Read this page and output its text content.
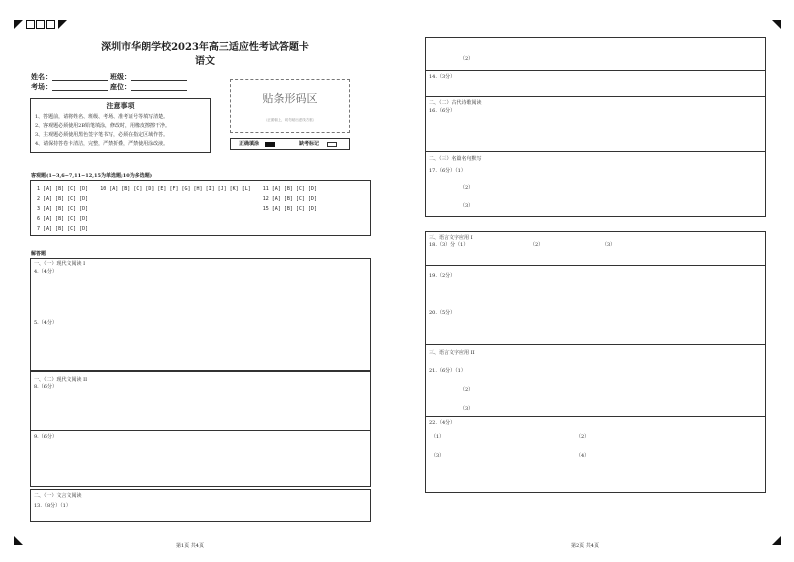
深圳市华朗学校2023年高三适应性考试答题卡
语文
姓名：	班级：
考场：	座位：
注意事项
1、答题前，请将姓名、班级、考场、准考证号等填写清楚。
2、客观题必须使用2B铅笔填涂，修改时，用橡皮擦擦干净。
3、主观题必须使用黑色签字笔书写，必须在指定区域作答。
4、请保持答卷卡清洁，完整，严禁折叠，严禁使用涂改液。
贴条形码区
（正面朝上，切勿贴出虚线方框）
正确填涂	缺考标记
客观题(1~3,6~7,11~12,15为单选题;10为多选题)
1 [A] [B] [C] [D]    10 [A] [B] [C] [D] [E] [F] [G] [H] [I] [J] [K] [L]    11 [A] [B] [C] [D]
2 [A] [B] [C] [D]                                                          12 [A] [B] [C] [D]
3 [A] [B] [C] [D]                                                          15 [A] [B] [C] [D]
6 [A] [B] [C] [D]
7 [A] [B] [C] [D]
解答题
一、（一）现代文阅读 I
4.（4分）
5.（4分）
一、（二）现代文阅读 II
8.（6分）
9.（6分）
二、（一）文言文阅读
13.（8分）（1）
第1页 共4页
（2）
14.（3分）
二、（二）古代诗歌阅读
16.（6分）
二、（三）名篇名句默写
17.（6分）（1）
（2）
（3）
三、语言文字应用 I
18.（3）分（1）	（2）	（3）
19.（2分）
20.（5分）
三、语言文字应用 II
21.（6分）（1）
（2）
（3）
22.（4分）
（1）	（2）
（3）	（4）
第2页 共4页
